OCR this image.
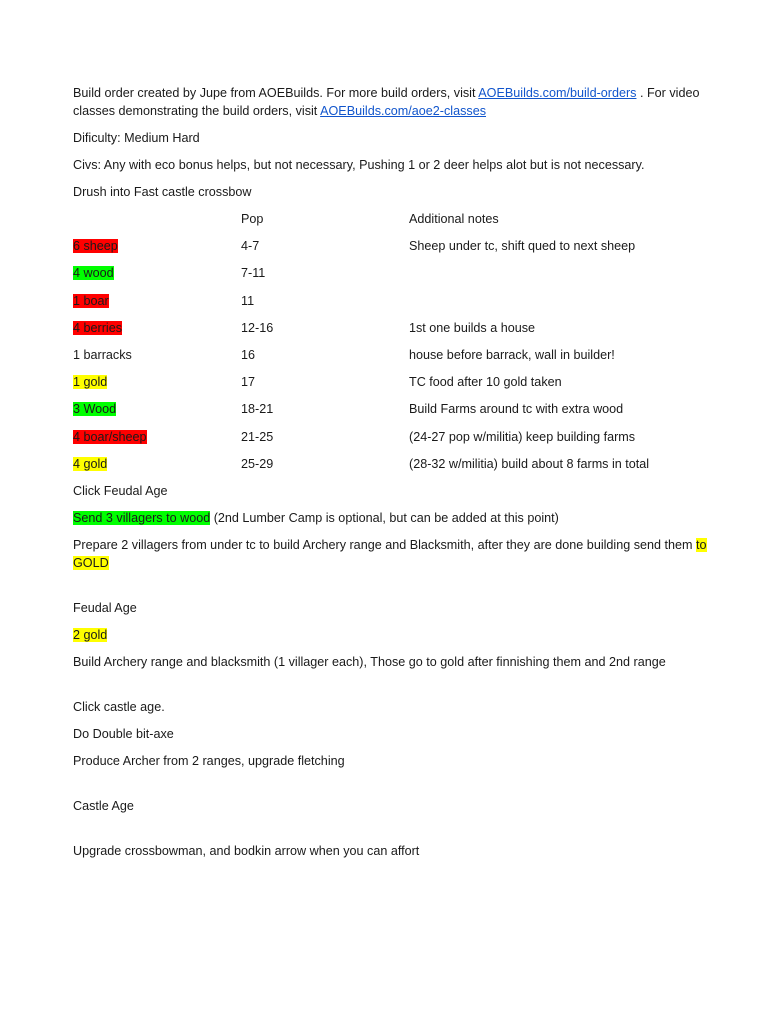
Build order created by Jupe from AOEBuilds. For more build orders, visit AOEBuilds.com/build-orders . For video classes demonstrating the build orders, visit AOEBuilds.com/aoe2-classes

Dificulty: Medium Hard

Civs: Any with eco bonus helps, but not necessary, Pushing 1 or 2 deer helps alot but is not necessary.

Drush into Fast castle crossbow

	Pop	Additional notes
6 sheep	4-7	Sheep under tc, shift qued to next sheep
4 wood	7-11	
1 boar	11	
4 berries	12-16	1st one builds a house
1 barracks	16	house before barrack, wall in builder!
1 gold	17	TC food after 10 gold taken
3 Wood	18-21	Build Farms around tc with extra wood
4 boar/sheep	21-25	(24-27 pop w/militia) keep building farms
4 gold	25-29	(28-32 w/militia) build about 8 farms in total

Click Feudal Age

Send 3 villagers to wood (2nd Lumber Camp is optional, but can be added at this point)

Prepare 2 villagers from under tc to build Archery range and Blacksmith, after they are done building send them to GOLD

Feudal Age

2 gold

Build Archery range and blacksmith (1 villager each), Those go to gold after finnishing them and 2nd range

Click castle age.

Do Double bit-axe

Produce Archer from 2 ranges, upgrade fletching

Castle Age

Upgrade crossbowman, and bodkin arrow when you can affort
